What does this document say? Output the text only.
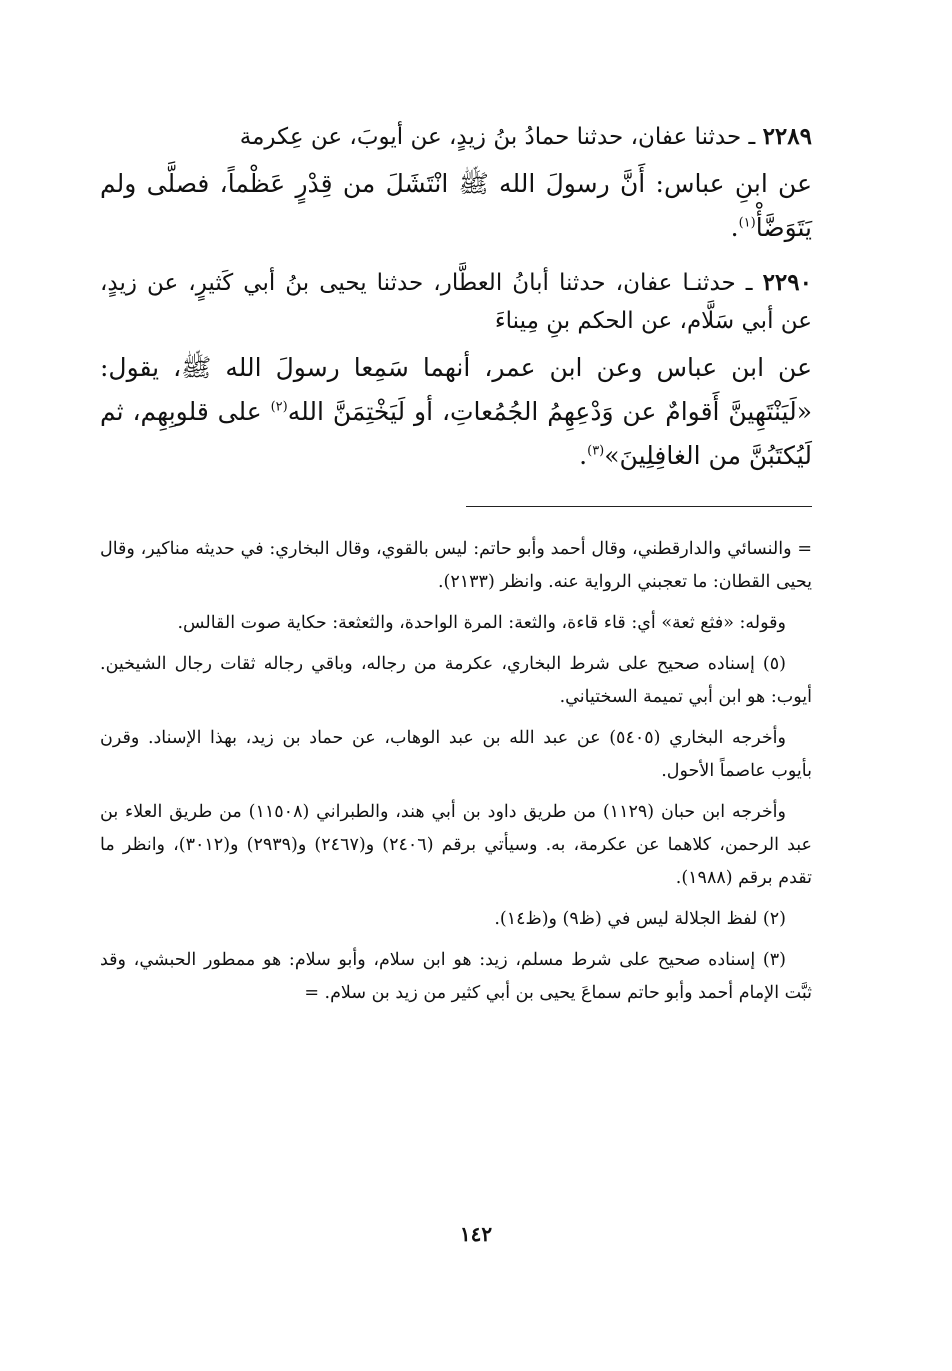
٢٢٨٩ ـ حدثنا عفان، حدثنا حمادُ بنُ زيدٍ، عن أيوبَ، عن عِكرمة

عن ابنِ عباس: أَنَّ رسولَ الله ﷺ انْتَشَلَ من قِدْرٍ عَظْماً، فصلَّى ولم يَتَوَضَّأْ$^{(١)}$.

٢٢٩٠ ـ حدثنـا عفان، حدثنا أبانُ العطَّار، حدثنا يحيى بنُ أبي كَثيرٍ، عن زيدٍ، عن أبي سَلَّام، عن الحكم بنِ مِيناءَ

عن ابن عباس وعن ابن عمر، أنهما سَمِعا رسولَ الله ﷺ، يقول: «لَيَنْتَهِينَّ أَقوامٌ عن وَدْعِهِمُ الجُمُعاتِ، أو لَيَخْتِمَنَّ الله$^{(٢)}$ على قلوبِهِم، ثم لَيُكتَبُنَّ من الغافِلِينَ»$^{(٣)}$.

= والنسائي والدارقطني، وقال أحمد وأبو حاتم: ليس بالقوي، وقال البخاري: في حديثه مناكير، وقال يحيى القطان: ما تعجبني الرواية عنه. وانظر (٢١٣٣).

وقوله: «فثع ثعة» أي: قاء قاءة، والثعة: المرة الواحدة، والثعثعة: حكاية صوت القالس.

(٥) إسناده صحيح على شرط البخاري، عكرمة من رجاله، وباقي رجاله ثقات رجال الشيخين. أيوب: هو ابن أبي تميمة السختياني.

وأخرجه البخاري (٥٤٠٥) عن عبد الله بن عبد الوهاب، عن حماد بن زيد، بهذا الإسناد. وقرن بأيوب عاصماً الأحول.

وأخرجه ابن حبان (١١٢٩) من طريق داود بن أبي هند، والطبراني (١١٥٠٨) من طريق العلاء بن عبد الرحمن، كلاهما عن عكرمة، به. وسيأتي برقم (٢٤٠٦) و(٢٤٦٧) و(٢٩٣٩) و(٣٠١٢)، وانظر ما تقدم برقم (١٩٨٨).

(٢) لفظ الجلالة ليس في (ظ٩) و(ظ١٤).

(٣) إسناده صحيح على شرط مسلم، زيد: هو ابن سلام، وأبو سلام: هو ممطور الحبشي، وقد ثبَّت الإمام أحمد وأبو حاتم سماعَ يحيى بن أبي كثير من زيد بن سلام. =

١٤٢
